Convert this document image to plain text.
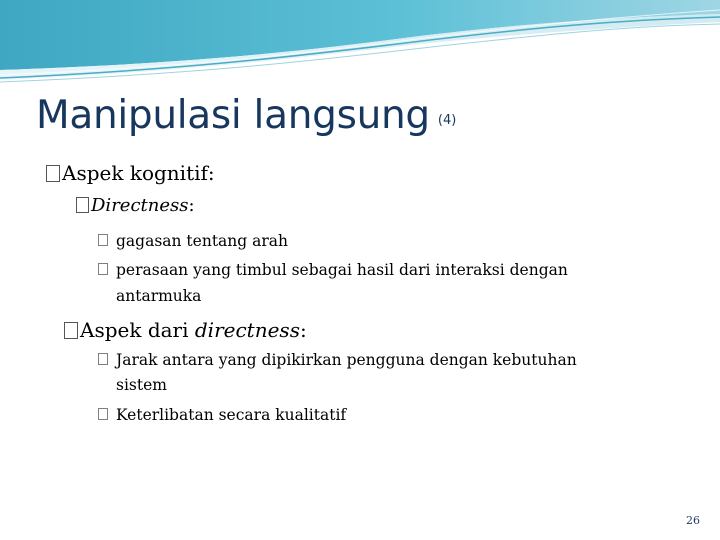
Manipulasi langsung (4)
Aspek kognitif:
Directness:
gagasan tentang arah
perasaan yang timbul sebagai hasil dari interaksi dengan
antarmuka
Aspek dari directness:
Jarak antara yang dipikirkan pengguna dengan kebutuhan
sistem
Keterlibatan secara kualitatif
26
